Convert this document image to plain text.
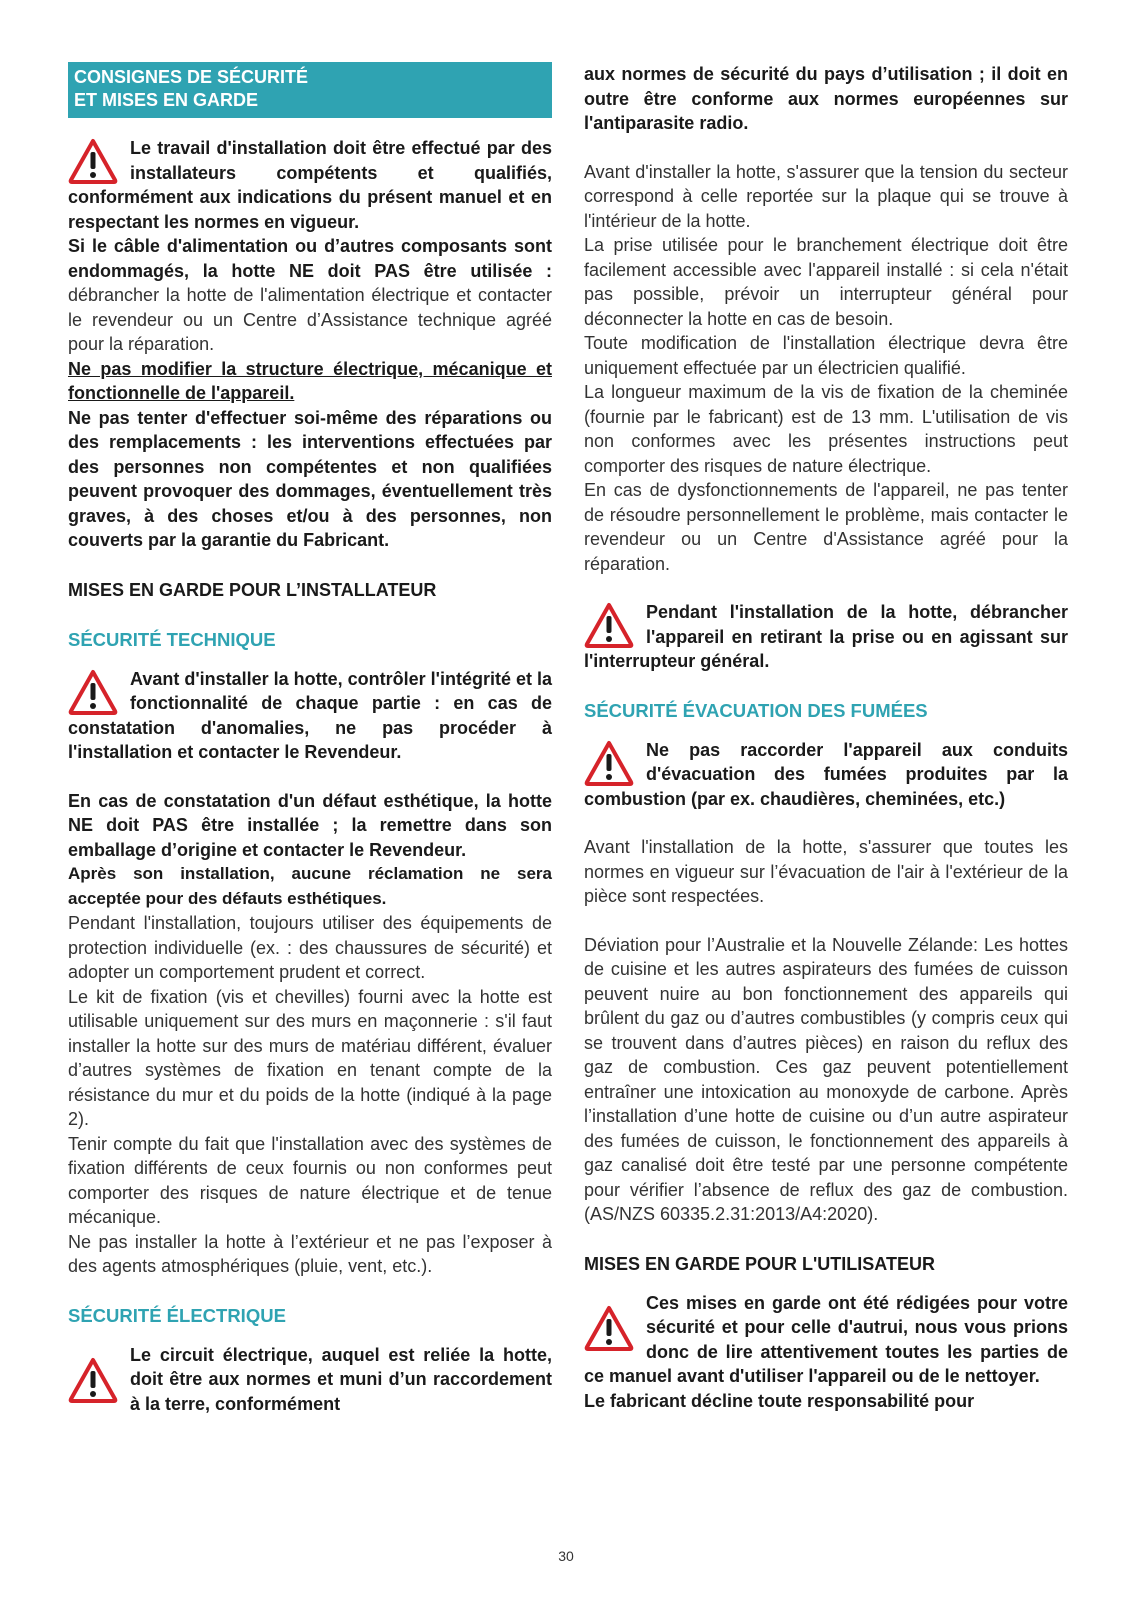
CONSIGNES DE SÉCURITÉ
ET MISES EN GARDE

Le travail d'installation doit être effectué par des installateurs compétents et qualifiés, conformément aux indications du présent manuel et en respectant les normes en vigueur.

Si le câble d'alimentation ou d’autres composants sont endommagés, la hotte NE doit PAS être utilisée : débrancher la hotte de l'alimentation électrique et contacter le revendeur ou un Centre d’Assistance technique agréé pour la réparation.

Ne pas modifier la structure électrique, mécanique et fonctionnelle de l'appareil.

Ne pas tenter d'effectuer soi-même des réparations ou des remplacements : les interventions effectuées par des personnes non compétentes et non qualifiées peuvent provoquer des dommages, éventuellement très graves, à des choses et/ou à des personnes, non couverts par la garantie du Fabricant.

MISES EN GARDE POUR L’INSTALLATEUR
SÉCURITÉ TECHNIQUE

Avant d'installer la hotte, contrôler l'intégrité et la fonctionnalité de chaque partie : en cas de constatation d'anomalies, ne pas procéder à l'installation et contacter le Revendeur.

En cas de constatation d'un défaut esthétique, la hotte NE doit PAS être installée ; la remettre dans son emballage d’origine et contacter le Revendeur.

Après son installation, aucune réclamation ne sera acceptée pour des défauts esthétiques.

Pendant l'installation, toujours utiliser des équipements de protection individuelle (ex. : des chaussures de sécurité) et adopter un comportement prudent et correct.

Le kit de fixation (vis et chevilles) fourni avec la hotte est utilisable uniquement sur des murs en maçonnerie : s'il faut installer la hotte sur des murs de matériau différent, évaluer d’autres systèmes de fixation en tenant compte de la résistance du mur et du poids de la hotte (indiqué à la page 2).

Tenir compte du fait que l'installation avec des systèmes de fixation différents de ceux fournis ou non conformes peut comporter des risques de nature électrique et de tenue mécanique.

Ne pas installer la hotte à l’extérieur et ne pas l’exposer à des agents atmosphériques (pluie, vent, etc.).

SÉCURITÉ ÉLECTRIQUE

Le circuit électrique, auquel est reliée la hotte, doit être aux normes et muni d’un raccordement à la terre, conformément

aux normes de sécurité du pays d’utilisation ; il doit en outre être conforme aux normes européennes sur l'antiparasite radio.

Avant d'installer la hotte, s'assurer que la tension du secteur correspond à celle reportée sur la plaque qui se trouve à l'intérieur de la hotte.

La prise utilisée pour le branchement électrique doit être facilement accessible avec l'appareil installé : si cela n'était pas possible, prévoir un interrupteur général pour déconnecter la hotte en cas de besoin.

Toute modification de l'installation électrique devra être uniquement effectuée par un électricien qualifié.

La longueur maximum de la vis de fixation de la cheminée (fournie par le fabricant) est de 13 mm. L'utilisation de vis non conformes avec les présentes instructions peut comporter des risques de nature électrique.

En cas de dysfonctionnements de l'appareil, ne pas tenter de résoudre personnellement le problème, mais contacter le revendeur ou un Centre d'Assistance agréé pour la réparation.

Pendant l'installation de la hotte, débrancher l'appareil en retirant la prise ou en agissant sur l'interrupteur général.

SÉCURITÉ ÉVACUATION DES FUMÉES

Ne pas raccorder l'appareil aux conduits d'évacuation des fumées produites par la combustion (par ex. chaudières, cheminées, etc.)

Avant l'installation de la hotte, s'assurer que toutes les normes en vigueur sur l’évacuation de l'air à l'extérieur de la pièce sont respectées.

Déviation pour l’Australie et la Nouvelle Zélande: Les hottes de cuisine et les autres aspirateurs des fumées de cuisson peuvent nuire au bon fonctionnement des appareils qui brûlent du gaz ou d’autres combustibles (y compris ceux qui se trouvent dans d’autres pièces) en raison du reflux des gaz de combustion. Ces gaz peuvent potentiellement entraîner une intoxication au monoxyde de carbone. Après l’installation d’une hotte de cuisine ou d’un autre aspirateur des fumées de cuisson, le fonctionnement des appareils à gaz canalisé doit être testé par une personne compétente pour vérifier l’absence de reflux des gaz de combustion. (AS/NZS 60335.2.31:2013/A4:2020).

MISES EN GARDE POUR L'UTILISATEUR

Ces mises en garde ont été rédigées pour votre sécurité et pour celle d'autrui, nous vous prions donc de lire attentivement toutes les parties de ce manuel avant d'utiliser l'appareil ou de le nettoyer.

Le fabricant décline toute responsabilité pour

30
